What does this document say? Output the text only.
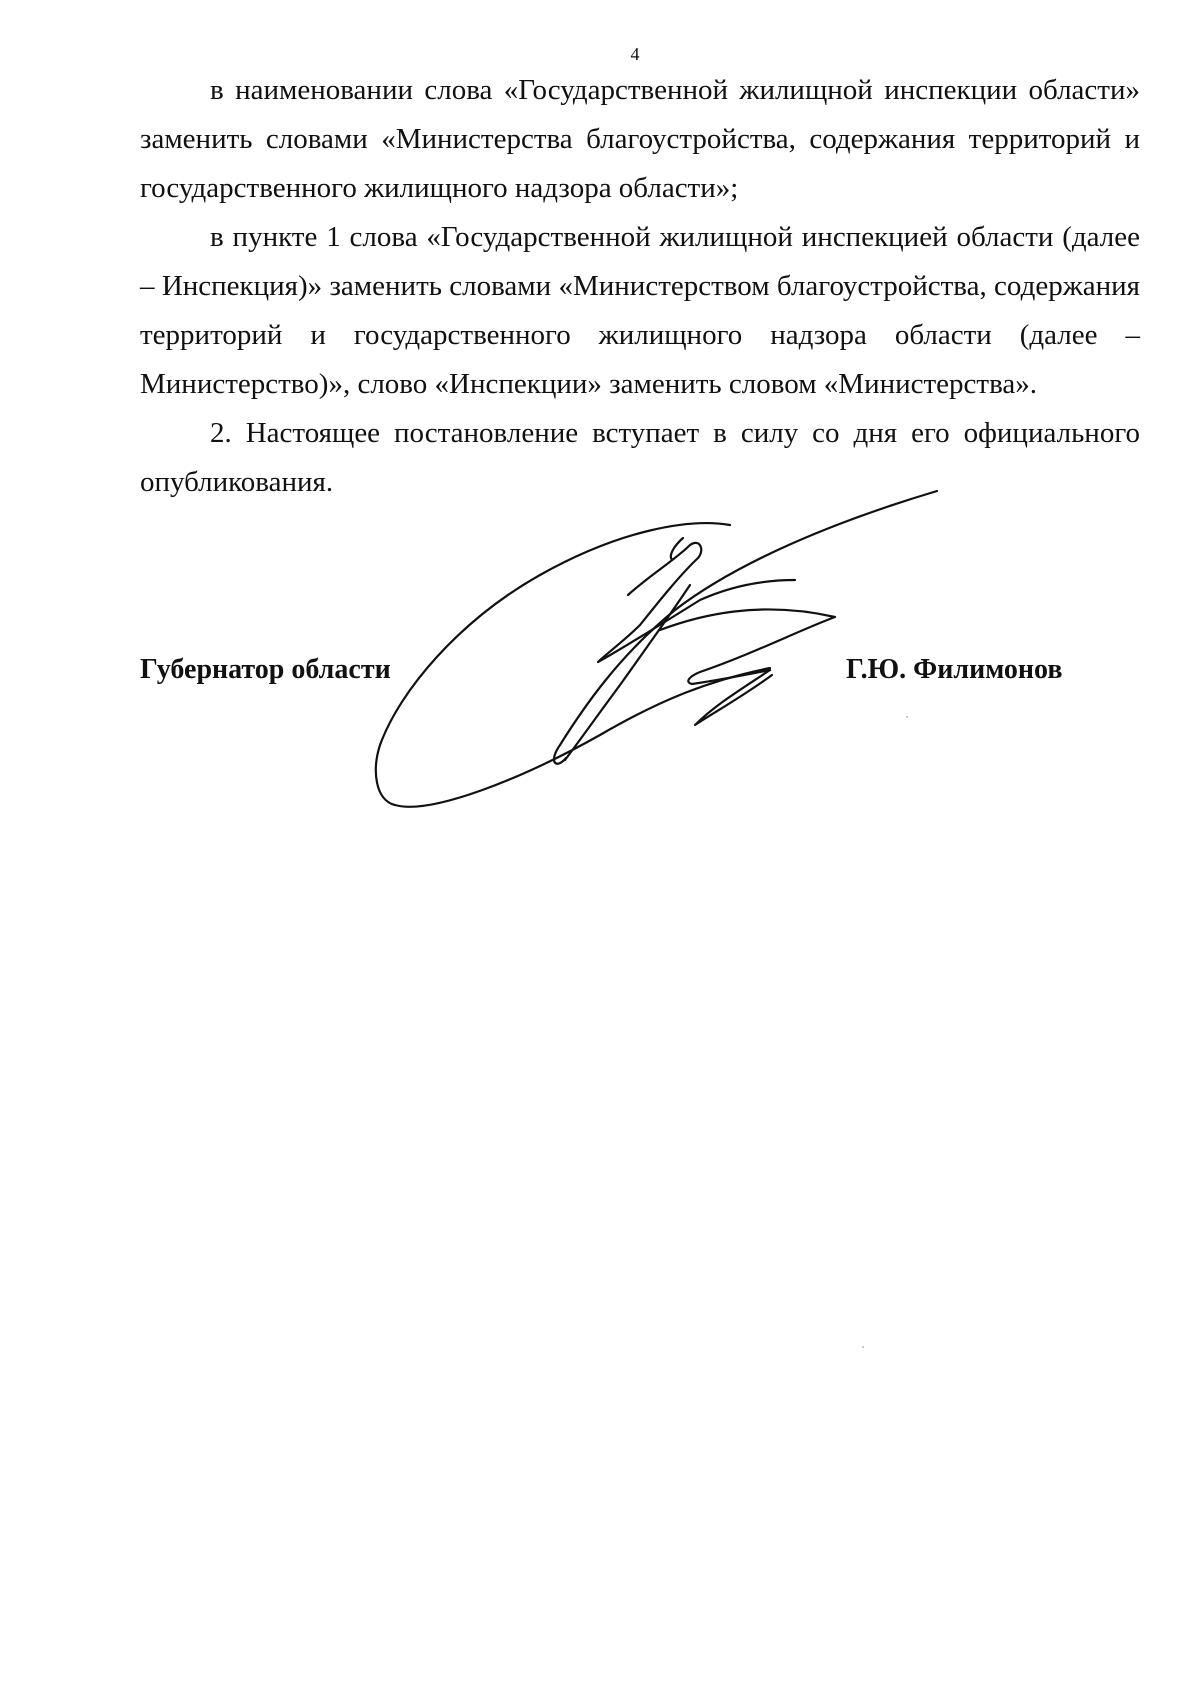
4

в наименовании слова «Государственной жилищной инспекции области» заменить словами «Министерства благоустройства, содержания территорий и государственного жилищного надзора области»;

в пункте 1 слова «Государственной жилищной инспекцией области (далее – Инспекция)» заменить словами «Министерством благоустройства, содержания территорий и государственного жилищного надзора области (далее – Министерство)», слово «Инспекции» заменить словом «Министерства».

2. Настоящее постановление вступает в силу со дня его официального опубликования.

Губернатор области	Г.Ю. Филимонов
